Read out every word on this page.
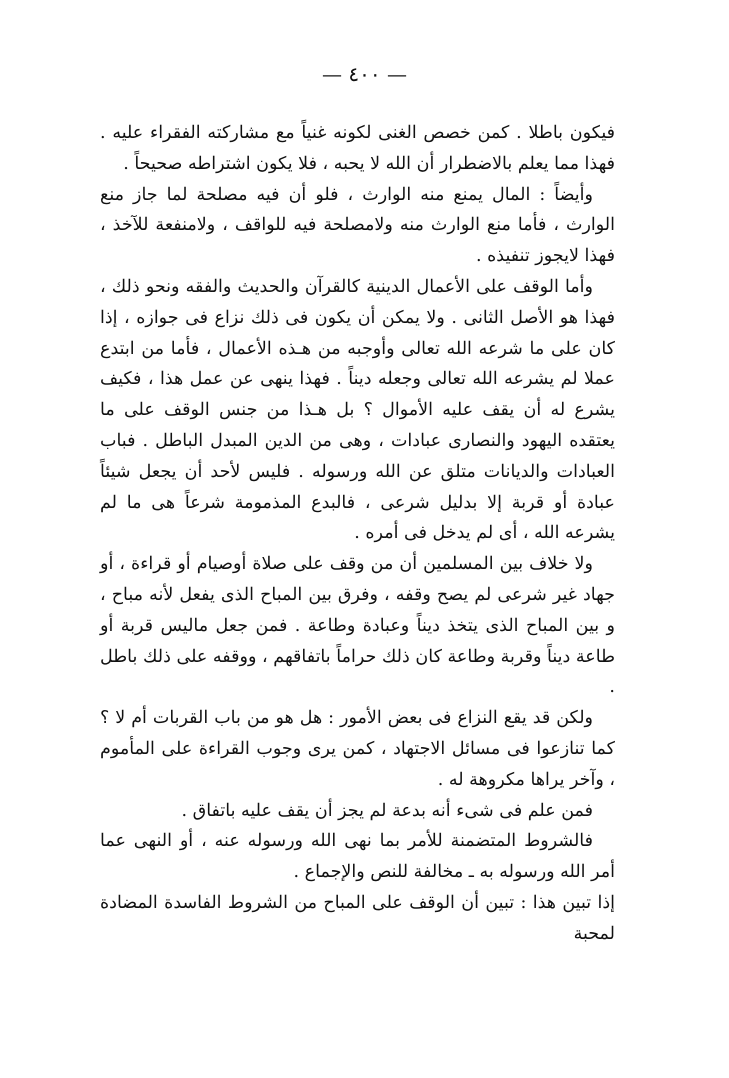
— ٤٠٠ —

فيكون باطلا . كمن خصص الغنى لكونه غنياً مع مشاركته الفقراء عليه . فهذا مما يعلم بالاضطرار أن الله لا يحبه ، فلا يكون اشتراطه صحيحاً .

وأيضاً : المال يمنع منه الوارث ، فلو أن فيه مصلحة لما جاز منع الوارث ، فأما منع الوارث منه ولامصلحة فيه للواقف ، ولامنفعة للآخذ ، فهذا لايجوز تنفيذه .

وأما الوقف على الأعمال الدينية كالقرآن والحديث والفقه ونحو ذلك ، فهذا هو الأصل الثانى . ولا يمكن أن يكون فى ذلك نزاع فى جوازه ، إذا كان على ما شرعه الله تعالى وأوجبه من هـذه الأعمال ، فأما من ابتدع عملا لم يشرعه الله تعالى وجعله ديناً . فهذا ينهى عن عمل هذا ، فكيف يشرع له أن يقف عليه الأموال ؟ بل هـذا من جنس الوقف على ما يعتقده اليهود والنصارى عبادات ، وهى من الدين المبدل الباطل . فباب العبادات والديانات متلق عن الله ورسوله . فليس لأحد أن يجعل شيئاً عبادة أو قربة إلا بدليل شرعى ، فالبدع المذمومة شرعاً هى ما لم يشرعه الله ، أى لم يدخل فى أمره .

ولا خلاف بين المسلمين أن من وقف على صلاة أوصيام أو قراءة ، أو جهاد غير شرعى لم يصح وقفه ، وفرق بين المباح الذى يفعل لأنه مباح ، و بين المباح الذى يتخذ ديناً وعبادة وطاعة . فمن جعل ماليس قربة أو طاعة ديناً وقربة وطاعة كان ذلك حراماً باتفاقهم ، ووقفه على ذلك باطل .

ولكن قد يقع النزاع فى بعض الأمور : هل هو من باب القربات أم لا ؟ كما تنازعوا فى مسائل الاجتهاد ، كمن يرى وجوب القراءة على المأموم ، وآخر يراها مكروهة له .

فمن علم فى شىء أنه بدعة لم يجز أن يقف عليه باتفاق .

فالشروط المتضمنة للأمر بما نهى الله ورسوله عنه ، أو النهى عما أمر الله ورسوله به ـ مخالفة للنص والإجماع .

إذا تبين هذا : تبين أن الوقف على المباح من الشروط الفاسدة المضادة لمحبة
